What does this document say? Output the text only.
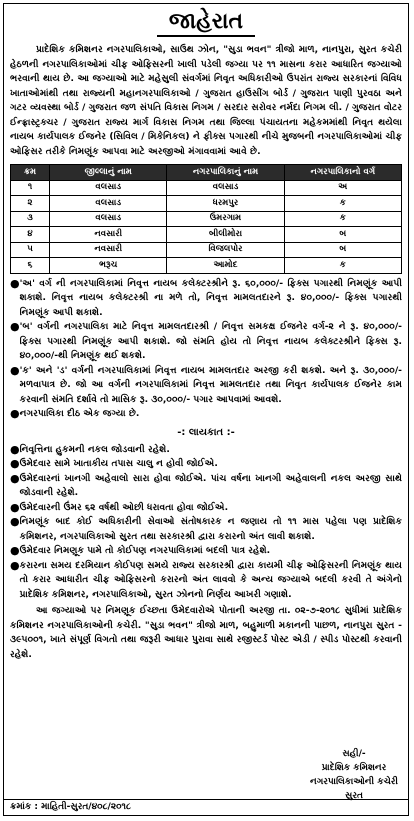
જાહેરાત

પ્રાદેશિક કમિશનર નગરપાલિકાઓ, સાઉથ ઝોન, "સુડા ભવન" ત્રીજો માળ, નાનપુરા, સુરત કચેરી હેઠળની નગરપાલિકાઓમાં ચીફ ઓફિસરની ખાલી પડેલી જગ્યા પર ૧૧ માસના કરાર આધારિત જગ્યાઓ ભરવાની થાય છે. આ જગ્યાઓ માટે મહેસુલી સંવર્ગમાં નિવૃત અધિકારીઓ ઉપરાંત રાજ્ય સરકારનાં વિવિધ ખાતાઓમાંથી તથા રાજ્યની મહાનગરપાલિકાઓ / ગુજરાત હાઉસીંગ બોર્ડ / ગુજરાત પાણી પુરવઠા અને ગટર વ્યવસ્થા બોર્ડ / ગુજરાત જળ સંપતિ વિકાસ નિગમ / સરદાર સરોવર નર્મદા નિગમ લી. / ગુજરાત વોટર ઈન્ફ્રાસ્ટ્રક્ચર / ગુજરાત રાજ્ય માર્ગ વિકાસ નિગમ તથા જિલ્લા પંચાયતના મહેકમમાંથી નિવૃત થયેલા નાયબ કાર્યપાલક ઈજનેર (સિવિલ / મિકેનિકલ) ને ફીક્સ પગારથી નીચે મુજબની નગરપાલિકાઓમાં ચીફ ઓફિસર તરીકે નિમણૂંક આપવા માટે અરજીઓ મંગાવવામાં આવે છે.

ક્રમ	જીલ્લાનું નામ	નગરપાલિકાનું નામ	નગરપાલિકાનો વર્ગ
૧	વલસાડ	વલસાડ	અ
૨	વલસાડ	ધરમપુર	ક
૩	વલસાડ	ઉમરગામ	ક
૪	નવસારી	બીલીમોરા	બ
૫	નવસારી	વિજલપોર	બ
૬	ભરૂચ	આમોદ	ક
● 'અ' વર્ગ ની નગરપાલિકામાં નિવૃત્ત નાયબ કલેક્ટરશ્રીને રૂ. ૬૦,૦૦૦/- ફિક્સ પગારથી નિમણૂંક આપી શકાશે. નિવૃત્ત નાયબ કલેક્ટરશ્રી ના મળે તો, નિવૃત્ત મામલતદારને રૂ. ૪૦,૦૦૦/- ફિક્સ પગારથી નિમણૂંક આપી શકાશે.
● 'બ' વર્ગની નગરપાલિકા માટે નિવૃત્ત મામલતદારશ્રી / નિવૃત્ત સમકક્ષ ઈજનેર વર્ગ-૨ ને રૂ. ૪૦,૦૦૦/- ફિક્સ પગારથી નિમણૂંક આપી શકાશે. જો સંમતિ હોય તો નિવૃત્ત નાયબ કલેક્ટરશ્રીને ફિક્સ રૂ. ૪૦,૦૦૦/-થી નિમણૂંક થઈ શકશે.
● 'ક' અને 'ડ' વર્ગની નગરપાલિકામાં નિવૃત્ત નાયબ મામલતદાર અરજી કરી શકશે. અને રૂ. ૩૦,૦૦૦/- મળવાપાત્ર છે. જો આ વર્ગની નગરપાલિકામાં નિવૃત્ત મામલતદાર તથા નિવૃત કાર્યપાલક ઈજનેર કામ કરવાની સંમતિ દર્શાવે તો માસિક રૂ. ૩૦,૦૦૦/- પગાર આપવામાં આવશે.
● નગરપાલિકા દીઠ એક જગ્યા છે.
-: લાયકાત :-
● નિવૃત્તિના હુકમની નકલ જોડવાની રહેશે.
● ઉમેદવાર સામે ખાતાકીય તપાસ ચાલુ ન હોવી જોઈએ.
● ઉમેદવારનાં ખાનગી અહેવાલો સારા હોવા જોઈએ. પાંચ વર્ષના ખાનગી અહેવાલની નકલ અરજી સાથે જોડવાની રહેશે.
● ઉમેદવારની ઉંમર ૬૨ વર્ષથી ઓછી ધરાવતા હોવા જોઈએ.
● નિમણૂંક બાદ કોઈ અધિકારીની સેવાઓ સંતોષકારક ન જણાય તો ૧૧ માસ પહેલા પણ પ્રાદેશિક કમિશનર, નગરપાલિકાઓ સુરત તથા સરકારશ્રી દ્વારા કરારનો અંત લાવી શકાશે.
● ઉમેદવાર નિમણૂક પામે તો કોઈપણ નગરપાલિકામાં બદલી પાત્ર રહેશે.
● કરારના સમય દરમિયાન કોઈપણ સમયે રાજ્ય સરકારશ્રી દ્વારા કાયમી ચીફ ઓફિસરની નિમણૂંક થાય તો કરાર આધારીત ચીફ ઓફિસરનો કરારનો અંત લાવવો કે અન્ય જગ્યાએ બદલી કરવી તે અંગેનો પ્રાદેશિક કમિશનર, નગરપાલિકાઓ, સુરત ઝોનનો નિર્ણય આખરી ગણાશે.

આ જગ્યાઓ પર નિમણૂક ઈચ્છતા ઉમેદવારોએ પોતાની અરજી તા. ૦૨-૭-૨૦૧૮ સુધીમાં પ્રાદેશિક કમિશનર નગરપાલિકાઓની કચેરી. "સુડા ભવન" ત્રીજો માળ, બહુમાળી મકાનની પાછળ, નાનપુરા સુરત - ૩૯૫૦૦૧, ખાતે સંપૂર્ણ વિગતો તથા જરૂરી આધાર પુરાવા સાથે રજીસ્ટર્ડ પોસ્ટ એડી / સ્પીડ પોસ્ટથી કરવાની રહેશે.

સહી/-
પ્રાદેશિક કમિશનર
નગરપાલિકાઓની કચેરી
સુરત
ક્રમાંક : માહિતી-સુરત/૪૦૮/૨૦૧૮
